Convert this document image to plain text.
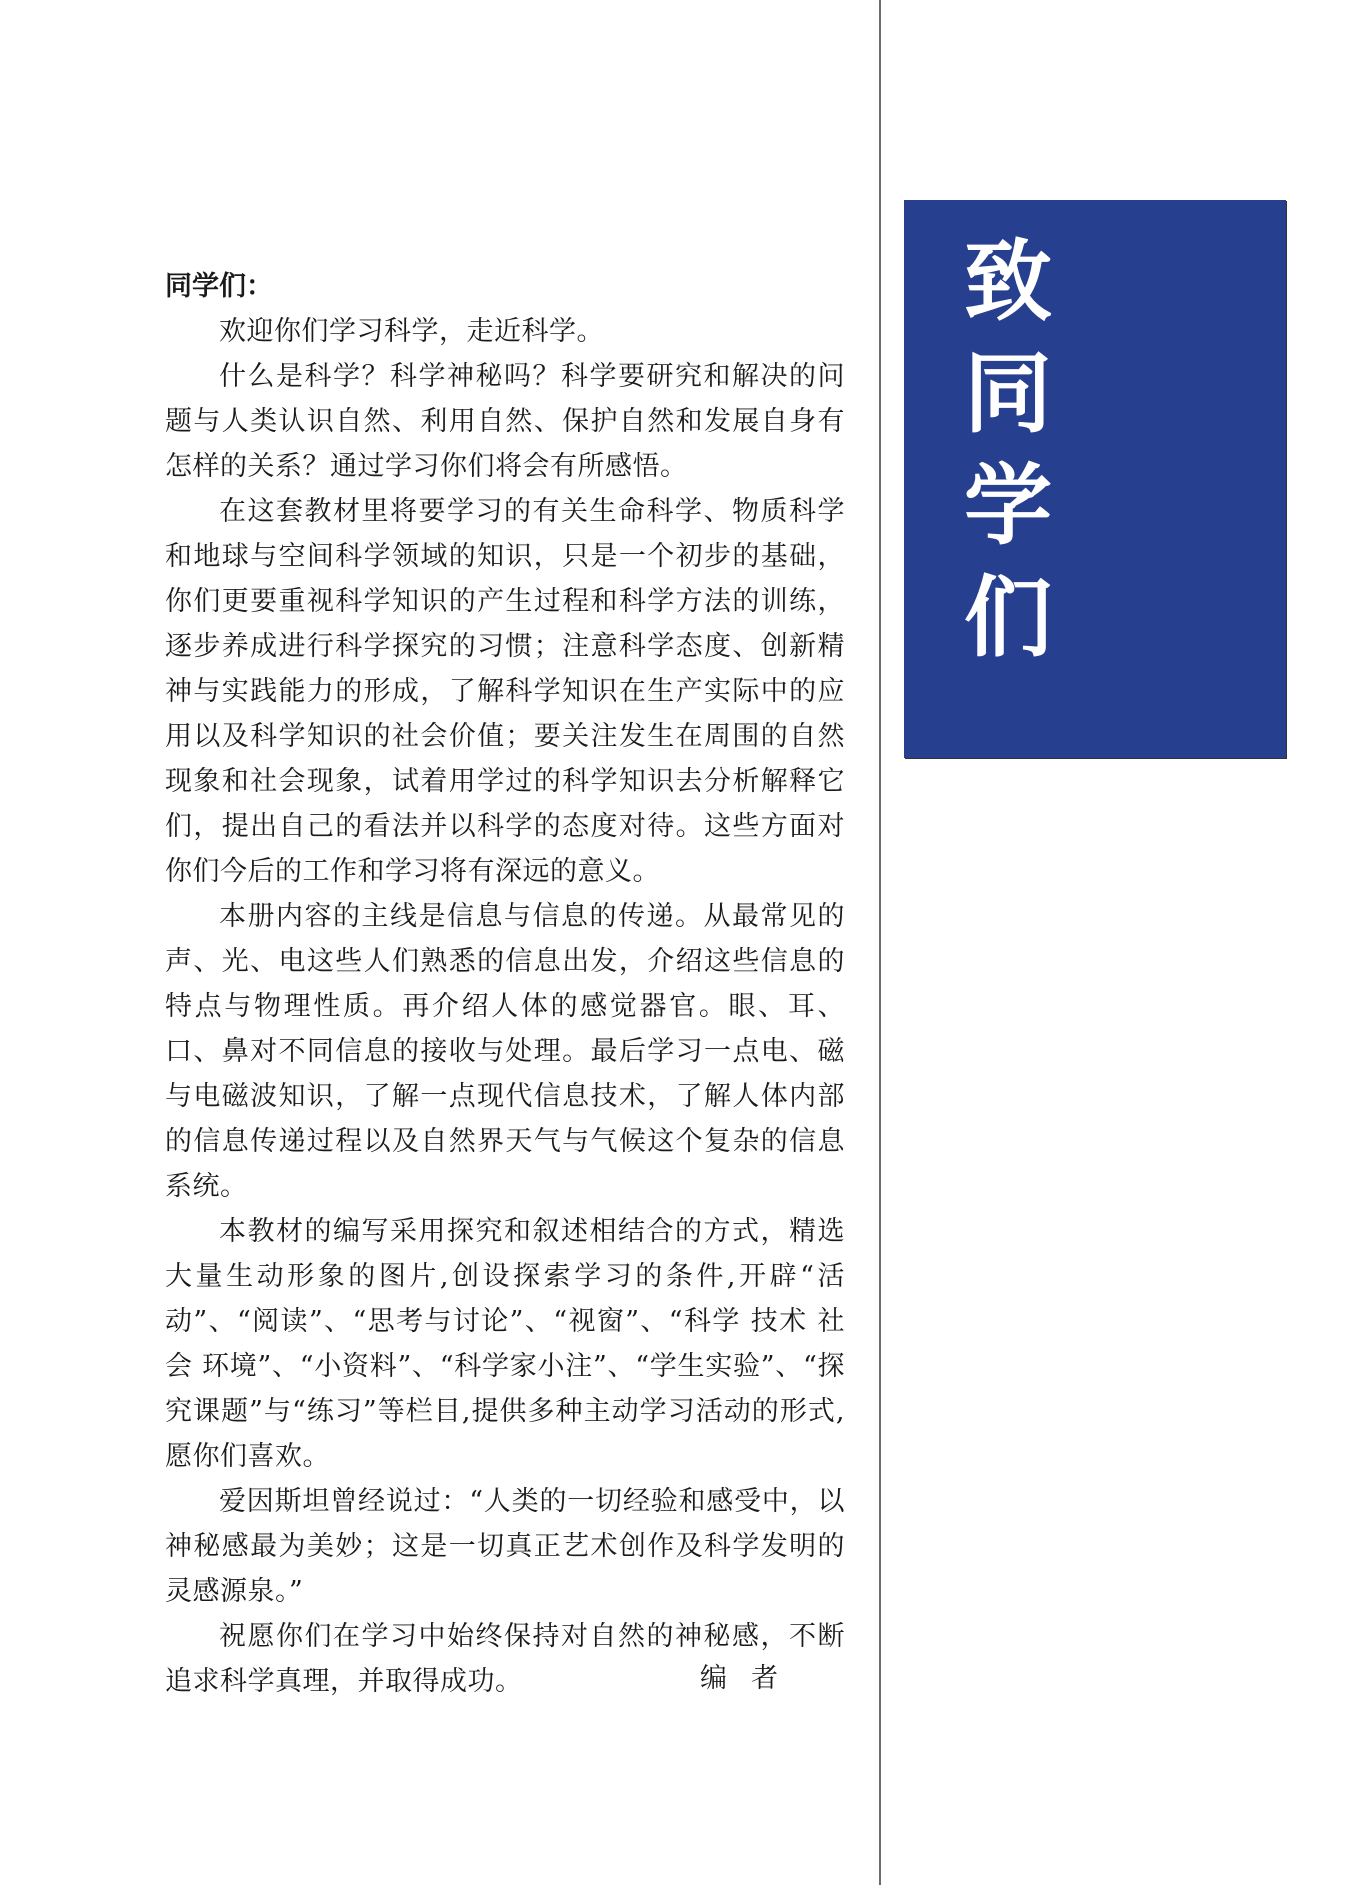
致
同
学
们

同学们：

欢迎你们学习科学，走近科学。

什么是科学？科学神秘吗？科学要研究和解决的问题与人类认识自然、利用自然、保护自然和发展自身有怎样的关系？通过学习你们将会有所感悟。

在这套教材里将要学习的有关生命科学、物质科学和地球与空间科学领域的知识，只是一个初步的基础，你们更要重视科学知识的产生过程和科学方法的训练，逐步养成进行科学探究的习惯；注意科学态度、创新精神与实践能力的形成，了解科学知识在生产实际中的应用以及科学知识的社会价值；要关注发生在周围的自然现象和社会现象，试着用学过的科学知识去分析解释它们，提出自己的看法并以科学的态度对待。这些方面对你们今后的工作和学习将有深远的意义。

本册内容的主线是信息与信息的传递。从最常见的声、光、电这些人们熟悉的信息出发，介绍这些信息的特点与物理性质。再介绍人体的感觉器官。眼、耳、口、鼻对不同信息的接收与处理。最后学习一点电、磁与电磁波知识，了解一点现代信息技术，了解人体内部的信息传递过程以及自然界天气与气候这个复杂的信息系统。

本教材的编写采用探究和叙述相结合的方式，精选大量生动形象的图片,创设探索学习的条件,开辟“活动”、“阅读”、“思考与讨论”、“视窗”、“科学 技术 社会 环境”、“小资料”、“科学家小注”、“学生实验”、“探究课题”与“练习”等栏目,提供多种主动学习活动的形式,愿你们喜欢。

爱因斯坦曾经说过：“人类的一切经验和感受中，以神秘感最为美妙；这是一切真正艺术创作及科学发明的灵感源泉。”

祝愿你们在学习中始终保持对自然的神秘感，不断追求科学真理，并取得成功。	编者
